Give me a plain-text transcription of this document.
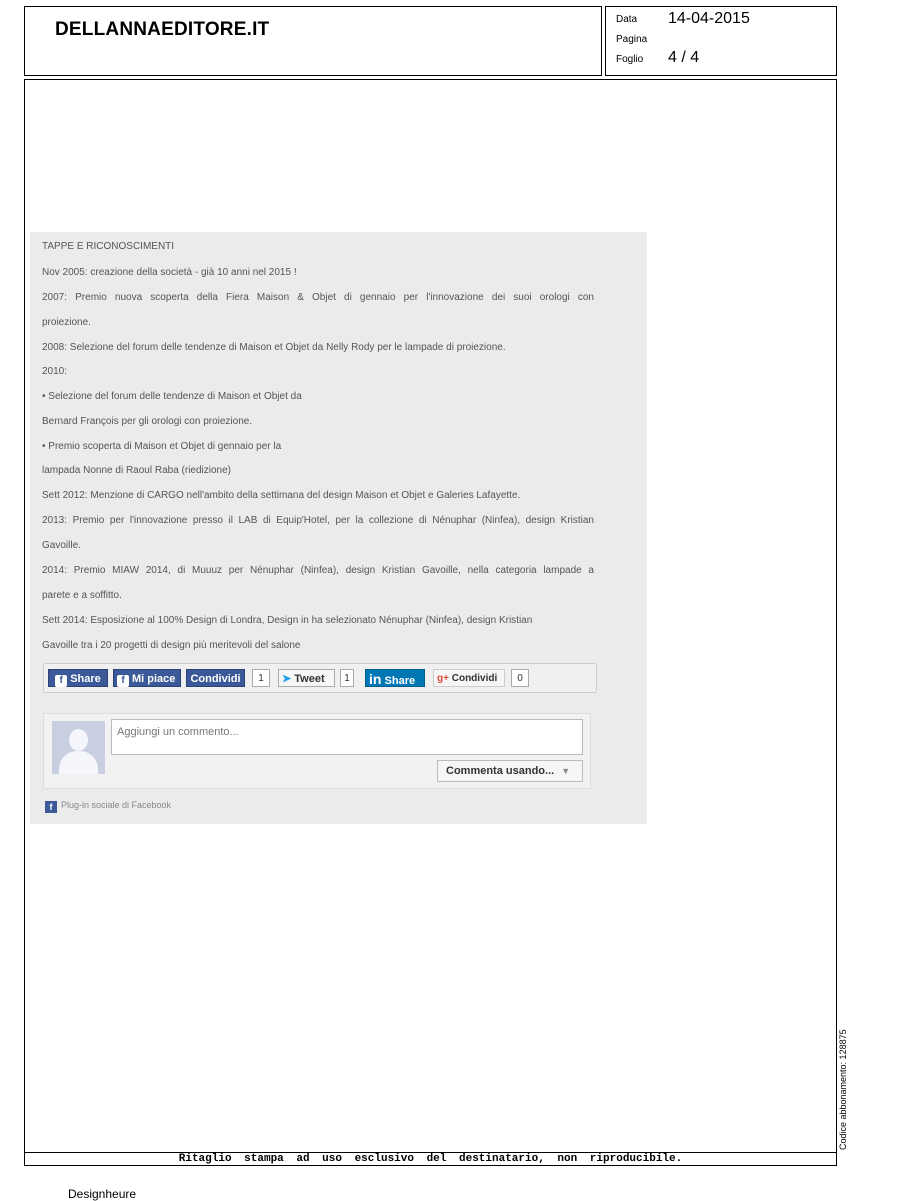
DELLANNAEDITORE.IT	Data 14-04-2015
Pagina
Foglio 4 / 4
TAPPE E RICONOSCIMENTI
Nov 2005: creazione della società - già 10 anni nel 2015 !
2007: Premio nuova scoperta della Fiera Maison & Objet di gennaio per l'innovazione dei suoi orologi con
proiezione.
2008: Selezione del forum delle tendenze di Maison et Objet da Nelly Rody per le lampade di proiezione.
2010:
• Selezione del forum delle tendenze di Maison et Objet da
Bernard François per gli orologi con proiezione.
• Premio scoperta di Maison et Objet di gennaio per la
lampada Nonne di Raoul Raba (riedizione)
Sett 2012: Menzione di CARGO nell'ambito della settimana del design Maison et Objet e Galeries Lafayette.
2013: Premio per l'innovazione presso il LAB di Equip'Hotel, per la collezione di Nénuphar (Ninfea), design Kristian
Gavoille.
2014: Premio MIAW 2014, di Muuuz per Nénuphar (Ninfea), design Kristian Gavoille, nella categoria lampade a
parete e a soffitto.
Sett 2014: Esposizione al 100% Design di Londra, Design in ha selezionato Nénuphar (Ninfea), design Kristian
Gavoille tra i 20 progetti di design più meritevoli del salone
f Share	f Mi piace	Condividi	1	➤ Tweet	1	in Share	g+ Condividi	0
Aggiungi un commento...
Commenta usando... ▼
f Plug-in sociale di Facebook
Ritaglio stampa ad uso esclusivo del destinatario, non riproducibile.
Codice abbonamento: 128875
Designheure
